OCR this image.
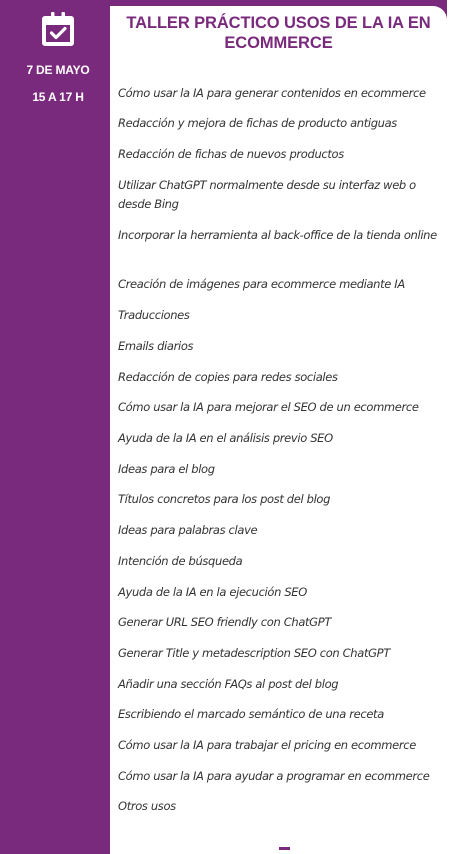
7 DE MAYO
15 A 17 H
TALLER PRÁCTICO USOS DE LA IA EN ECOMMERCE
Cómo usar la IA para generar contenidos en ecommerce
Redacción y mejora de fichas de producto antiguas
Redacción de fichas de nuevos productos
Utilizar ChatGPT normalmente desde su interfaz web o desde Bing
Incorporar la herramienta al back-office de la tienda online
Creación de imágenes para ecommerce mediante IA
Traducciones
Emails diarios
Redacción de copies para redes sociales
Cómo usar la IA para mejorar el SEO de un ecommerce
Ayuda de la IA en el análisis previo SEO
Ideas para el blog
Títulos concretos para los post del blog
Ideas para palabras clave
Intención de búsqueda
Ayuda de la IA en la ejecución SEO
Generar URL SEO friendly con ChatGPT
Generar Title y metadescription SEO con ChatGPT
Añadir una sección FAQs al post del blog
Escribiendo el marcado semántico de una receta
Cómo usar la IA para trabajar el pricing en ecommerce
Cómo usar la IA para ayudar a programar en ecommerce
Otros usos
